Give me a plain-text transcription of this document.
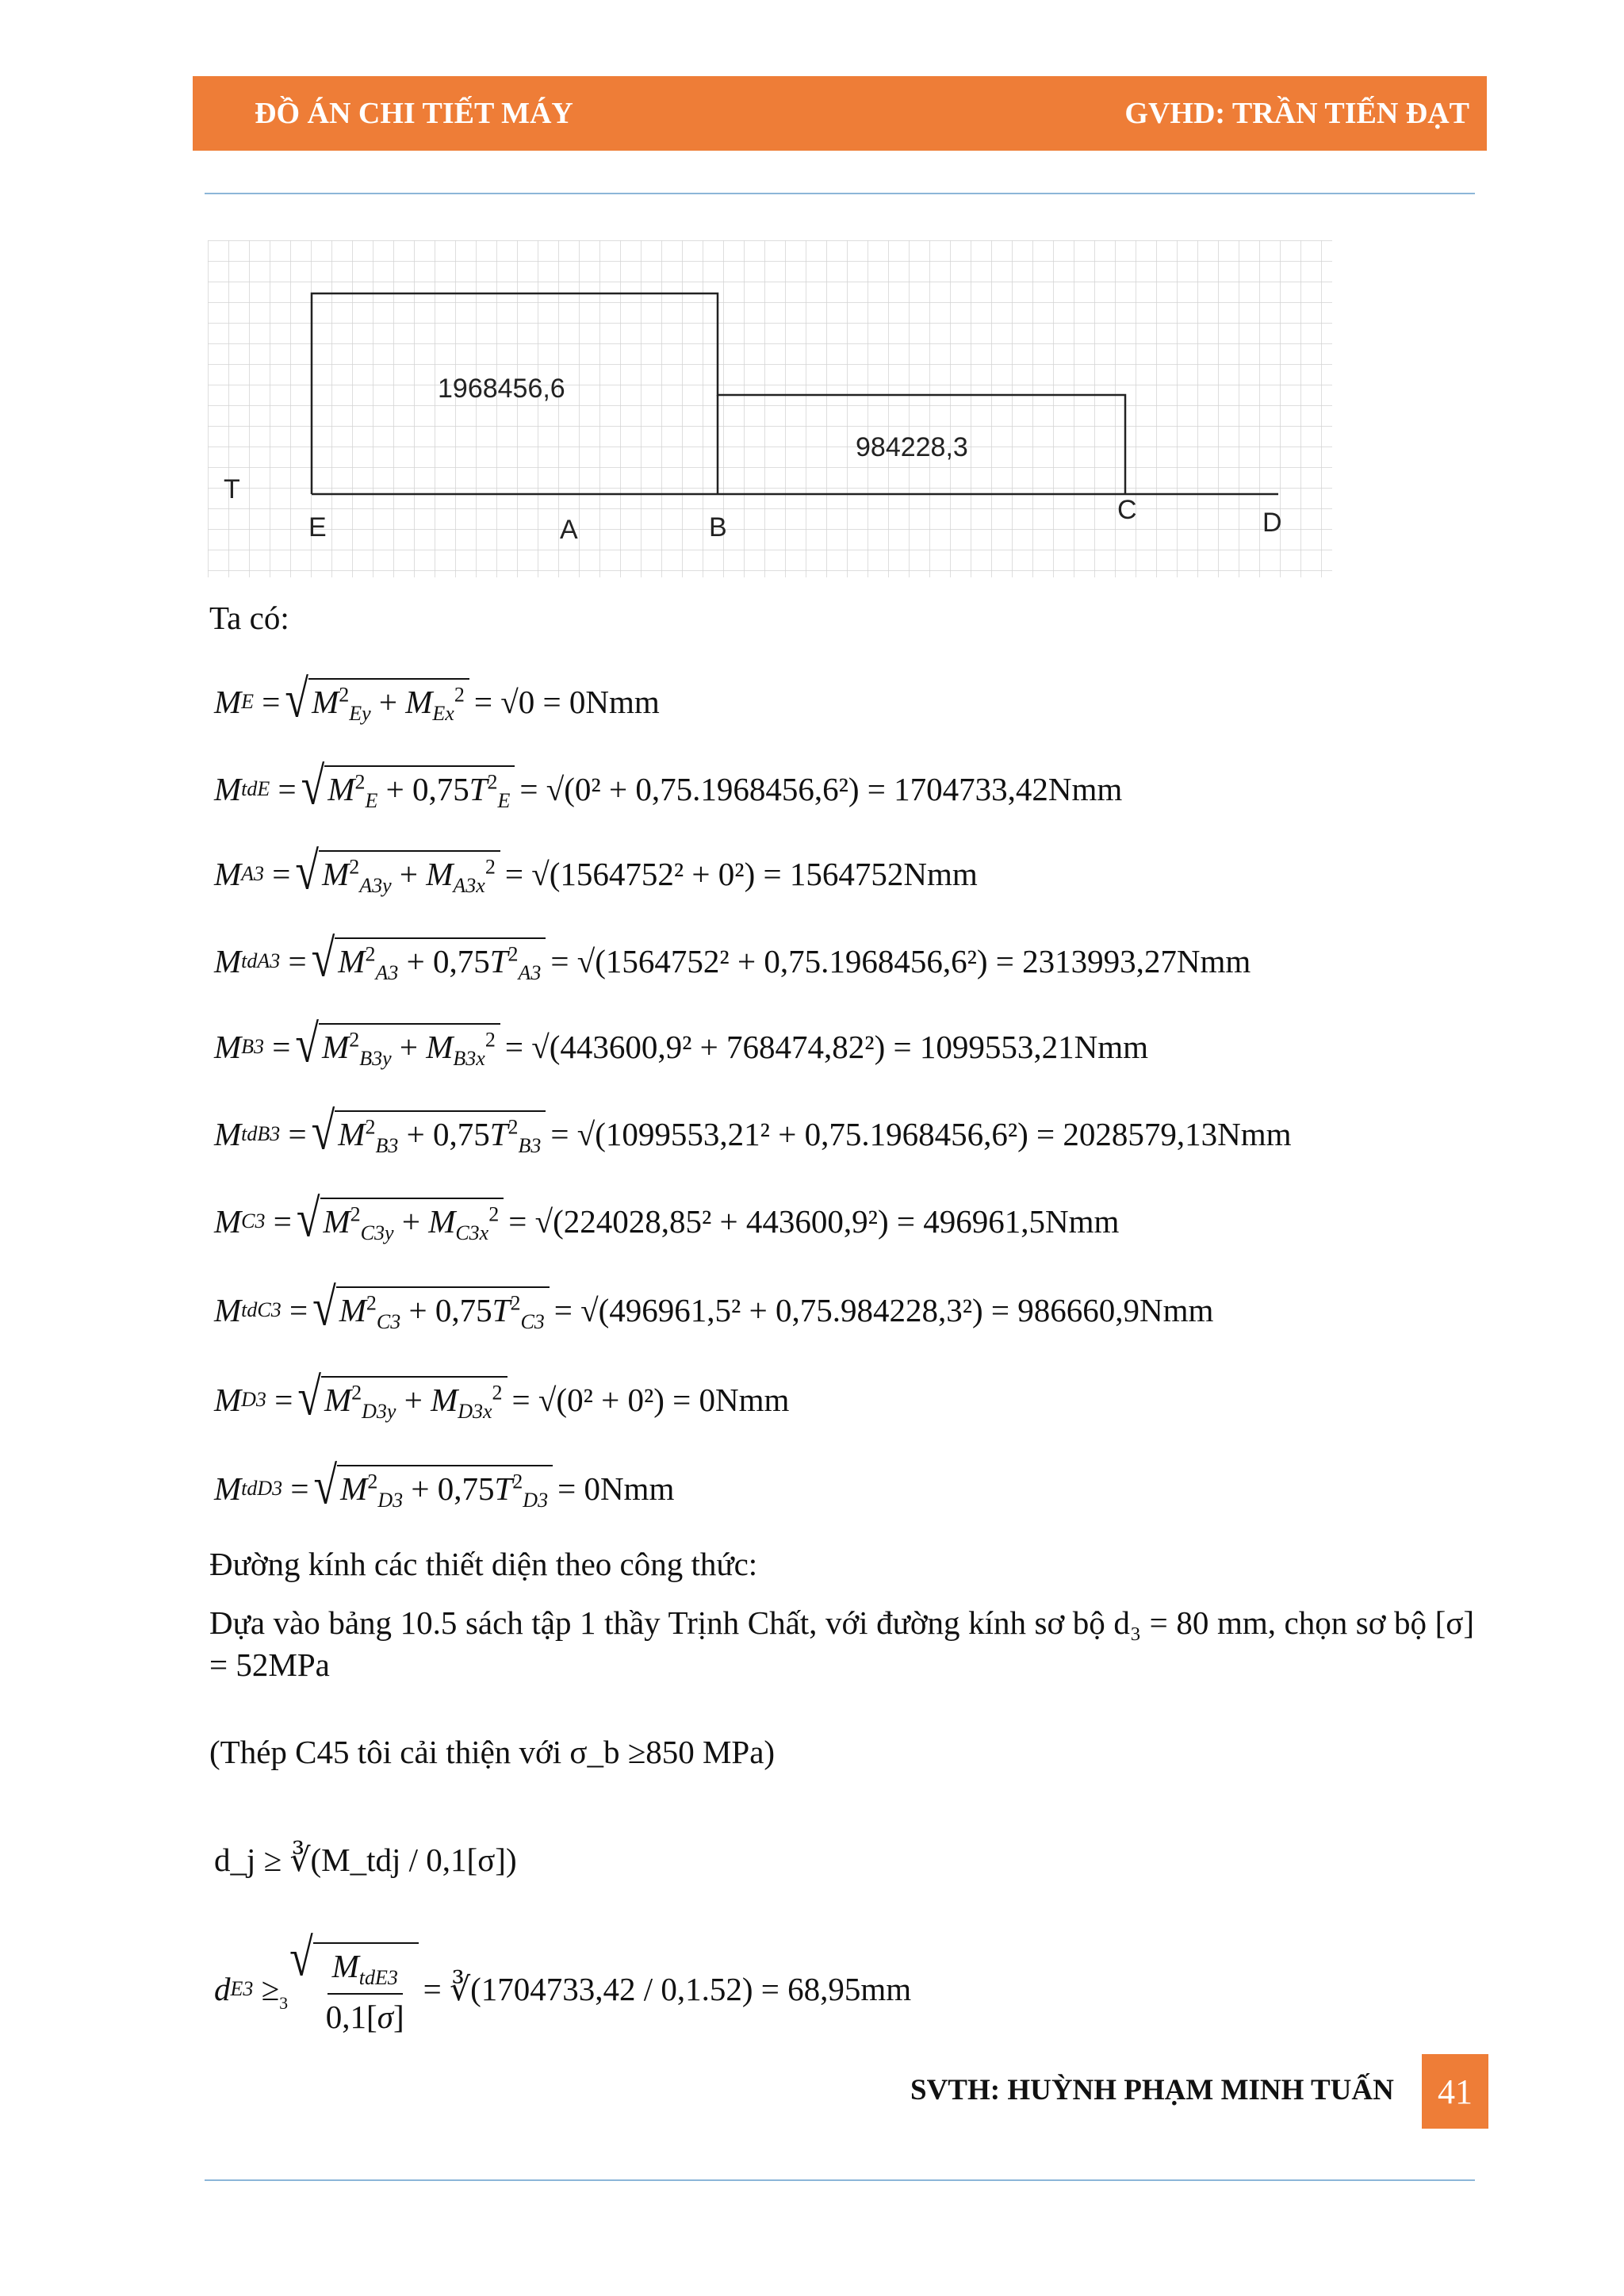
ĐỒ ÁN CHI TIẾT MÁY	GVHD: TRẦN TIẾN ĐẠT
T
E	A	B
C	D
1968456,6
984228,3
Ta có:
M E = √ $M^2_{Ey} + M_{Ex}^2 = √0 = 0Nmm$
M tdE = √ $M^2_E + 0,75T^2_E = √(0^2 + 0,75.1968456,6^2) = 1704733,42Nmm$
M A3 = √ $M^2_{A3y} + M_{A3x}^2 = √(1564752^2 + 0^2) = 1564752Nmm$
M tdA3 = √ $M^2_{A3} + 0,75T^2_{A3} = √(1564752^2 + 0,75.1968456,6^2) = 2313993,27Nmm$
M B3 = √ $M^2_{B3y} + M_{B3x}^2 = √(443600,9^2 + 768474,82^2) = 1099553,21Nmm$
M tdB3 = √ $M^2_{B3} + 0,75T^2_{B3} = √(1099553,21^2 + 0,75.1968456,6^2) = 2028579,13Nmm$
M C3 = √ $M^2_{C3y} + M_{C3x}^2 = √(224028,85^2 + 443600,9^2) = 496961,5Nmm$
M tdC3 = √ $M^2_{C3} + 0,75T^2_{C3} = √(496961,5^2 + 0,75.984228,3^2) = 986660,9Nmm$
M D3 = √ $M^2_{D3y} + M_{D3x}^2 = √(0^2 + 0^2) = 0Nmm$
M tdD3 = √ $M^2_{D3} + 0,75T^2_{D3} = 0Nmm$
Đường kính các thiết diện theo công thức:
Dựa vào bảng 10.5 sách tập 1 thầy Trịnh Chất, với đường kính sơ bộ d₃ = 80 mm, chọn sơ bộ [σ] = 52MPa
(Thép C45 tôi cải thiện với σ_b ≥850 MPa)
d_j ≥ ∛(M_tdj / 0,1[σ])
d E3 ≥ 3
√ $\frac{M_{tdE3}}{0,1[\sigma]}$ = ∛(1704733,42 / 0,1.52) = 68,95mm
SVTH: HUỲNH PHẠM MINH TUẤN	41
